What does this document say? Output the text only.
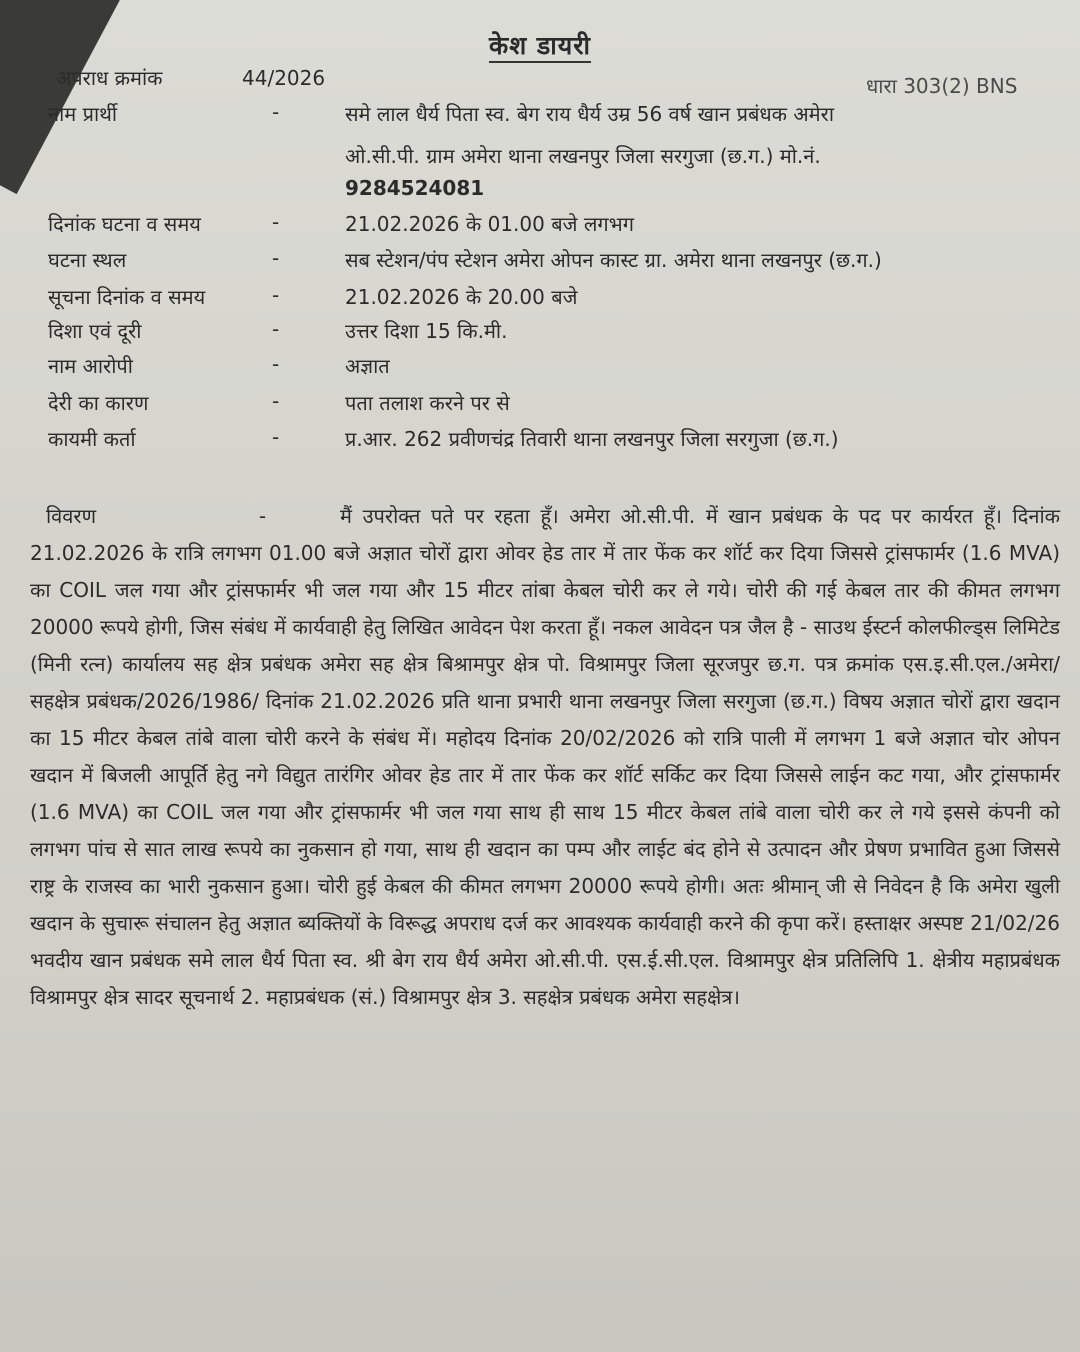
केश डायरी
अपराध क्रमांक	44/2026	धारा 303(2) BNS
नाम प्रार्थी	-	समे लाल धैर्य पिता स्व. बेग राय धैर्य उम्र 56 वर्ष खान प्रबंधक अमेरा
ओ.सी.पी. ग्राम अमेरा थाना लखनपुर जिला सरगुजा (छ.ग.) मो.नं.
9284524081
दिनांक घटना व समय	-	21.02.2026 के 01.00 बजे लगभग
घटना स्थल	-	सब स्टेशन/पंप स्टेशन अमेरा ओपन कास्ट ग्रा. अमेरा थाना लखनपुर (छ.ग.)
सूचना दिनांक व समय	-	21.02.2026 के 20.00 बजे
दिशा एवं दूरी	-	उत्तर दिशा 15 कि.मी.
नाम आरोपी	-	अज्ञात
देरी का कारण	-	पता तलाश करने पर से
कायमी कर्ता	-	प्र.आर. 262 प्रवीणचंद्र तिवारी थाना लखनपुर जिला सरगुजा (छ.ग.)
विवरण	-	मैं उपरोक्त पते पर रहता हूँ। अमेरा ओ.सी.पी. में खान प्रबंधक के पद पर कार्यरत हूँ। दिनांक 21.02.2026 के रात्रि लगभग 01.00 बजे अज्ञात चोरों द्वारा ओवर हेड तार में तार फेंक कर शॉर्ट कर दिया जिससे ट्रांसफार्मर (1.6 MVA) का COIL जल गया और ट्रांसफार्मर भी जल गया और 15 मीटर तांबा केबल चोरी कर ले गये। चोरी की गई केबल तार की कीमत लगभग 20000 रूपये होगी, जिस संबंध में कार्यवाही हेतु लिखित आवेदन पेश करता हूँ। नकल आवेदन पत्र जैल है - साउथ ईस्टर्न कोलफील्ड्स लिमिटेड (मिनी रत्न) कार्यालय सह क्षेत्र प्रबंधक अमेरा सह क्षेत्र बिश्रामपुर क्षेत्र पो. विश्रामपुर जिला सूरजपुर छ.ग. पत्र क्रमांक एस.इ.सी.एल./अमेरा/सहक्षेत्र प्रबंधक/2026/1986/ दिनांक 21.02.2026 प्रति थाना प्रभारी थाना लखनपुर जिला सरगुजा (छ.ग.) विषय अज्ञात चोरों द्वारा खदान का 15 मीटर केबल तांबे वाला चोरी करने के संबंध में। महोदय दिनांक 20/02/2026 को रात्रि पाली में लगभग 1 बजे अज्ञात चोर ओपन खदान में बिजली आपूर्ति हेतु नगे विद्युत तारंगिर ओवर हेड तार में तार फेंक कर शॉर्ट सर्किट कर दिया जिससे लाईन कट गया, और ट्रांसफार्मर (1.6 MVA) का COIL जल गया और ट्रांसफार्मर भी जल गया साथ ही साथ 15 मीटर केबल तांबे वाला चोरी कर ले गये इससे कंपनी को लगभग पांच से सात लाख रूपये का नुकसान हो गया, साथ ही खदान का पम्प और लाईट बंद होने से उत्पादन और प्रेषण प्रभावित हुआ जिससे राष्ट्र के राजस्व का भारी नुकसान हुआ। चोरी हुई केबल की कीमत लगभग 20000 रूपये होगी। अतः श्रीमान् जी से निवेदन है कि अमेरा खुली खदान के सुचारू संचालन हेतु अज्ञात ब्यक्तियों के विरूद्ध अपराध दर्ज कर आवश्यक कार्यवाही करने की कृपा करें। हस्ताक्षर अस्पष्ट 21/02/26 भवदीय खान प्रबंधक समे लाल धैर्य पिता स्व. श्री बेग राय धैर्य अमेरा ओ.सी.पी. एस.ई.सी.एल. विश्रामपुर क्षेत्र प्रतिलिपि 1. क्षेत्रीय महाप्रबंधक विश्रामपुर क्षेत्र सादर सूचनार्थ 2. महाप्रबंधक (सं.) विश्रामपुर क्षेत्र 3. सहक्षेत्र प्रबंधक अमेरा सहक्षेत्र।
